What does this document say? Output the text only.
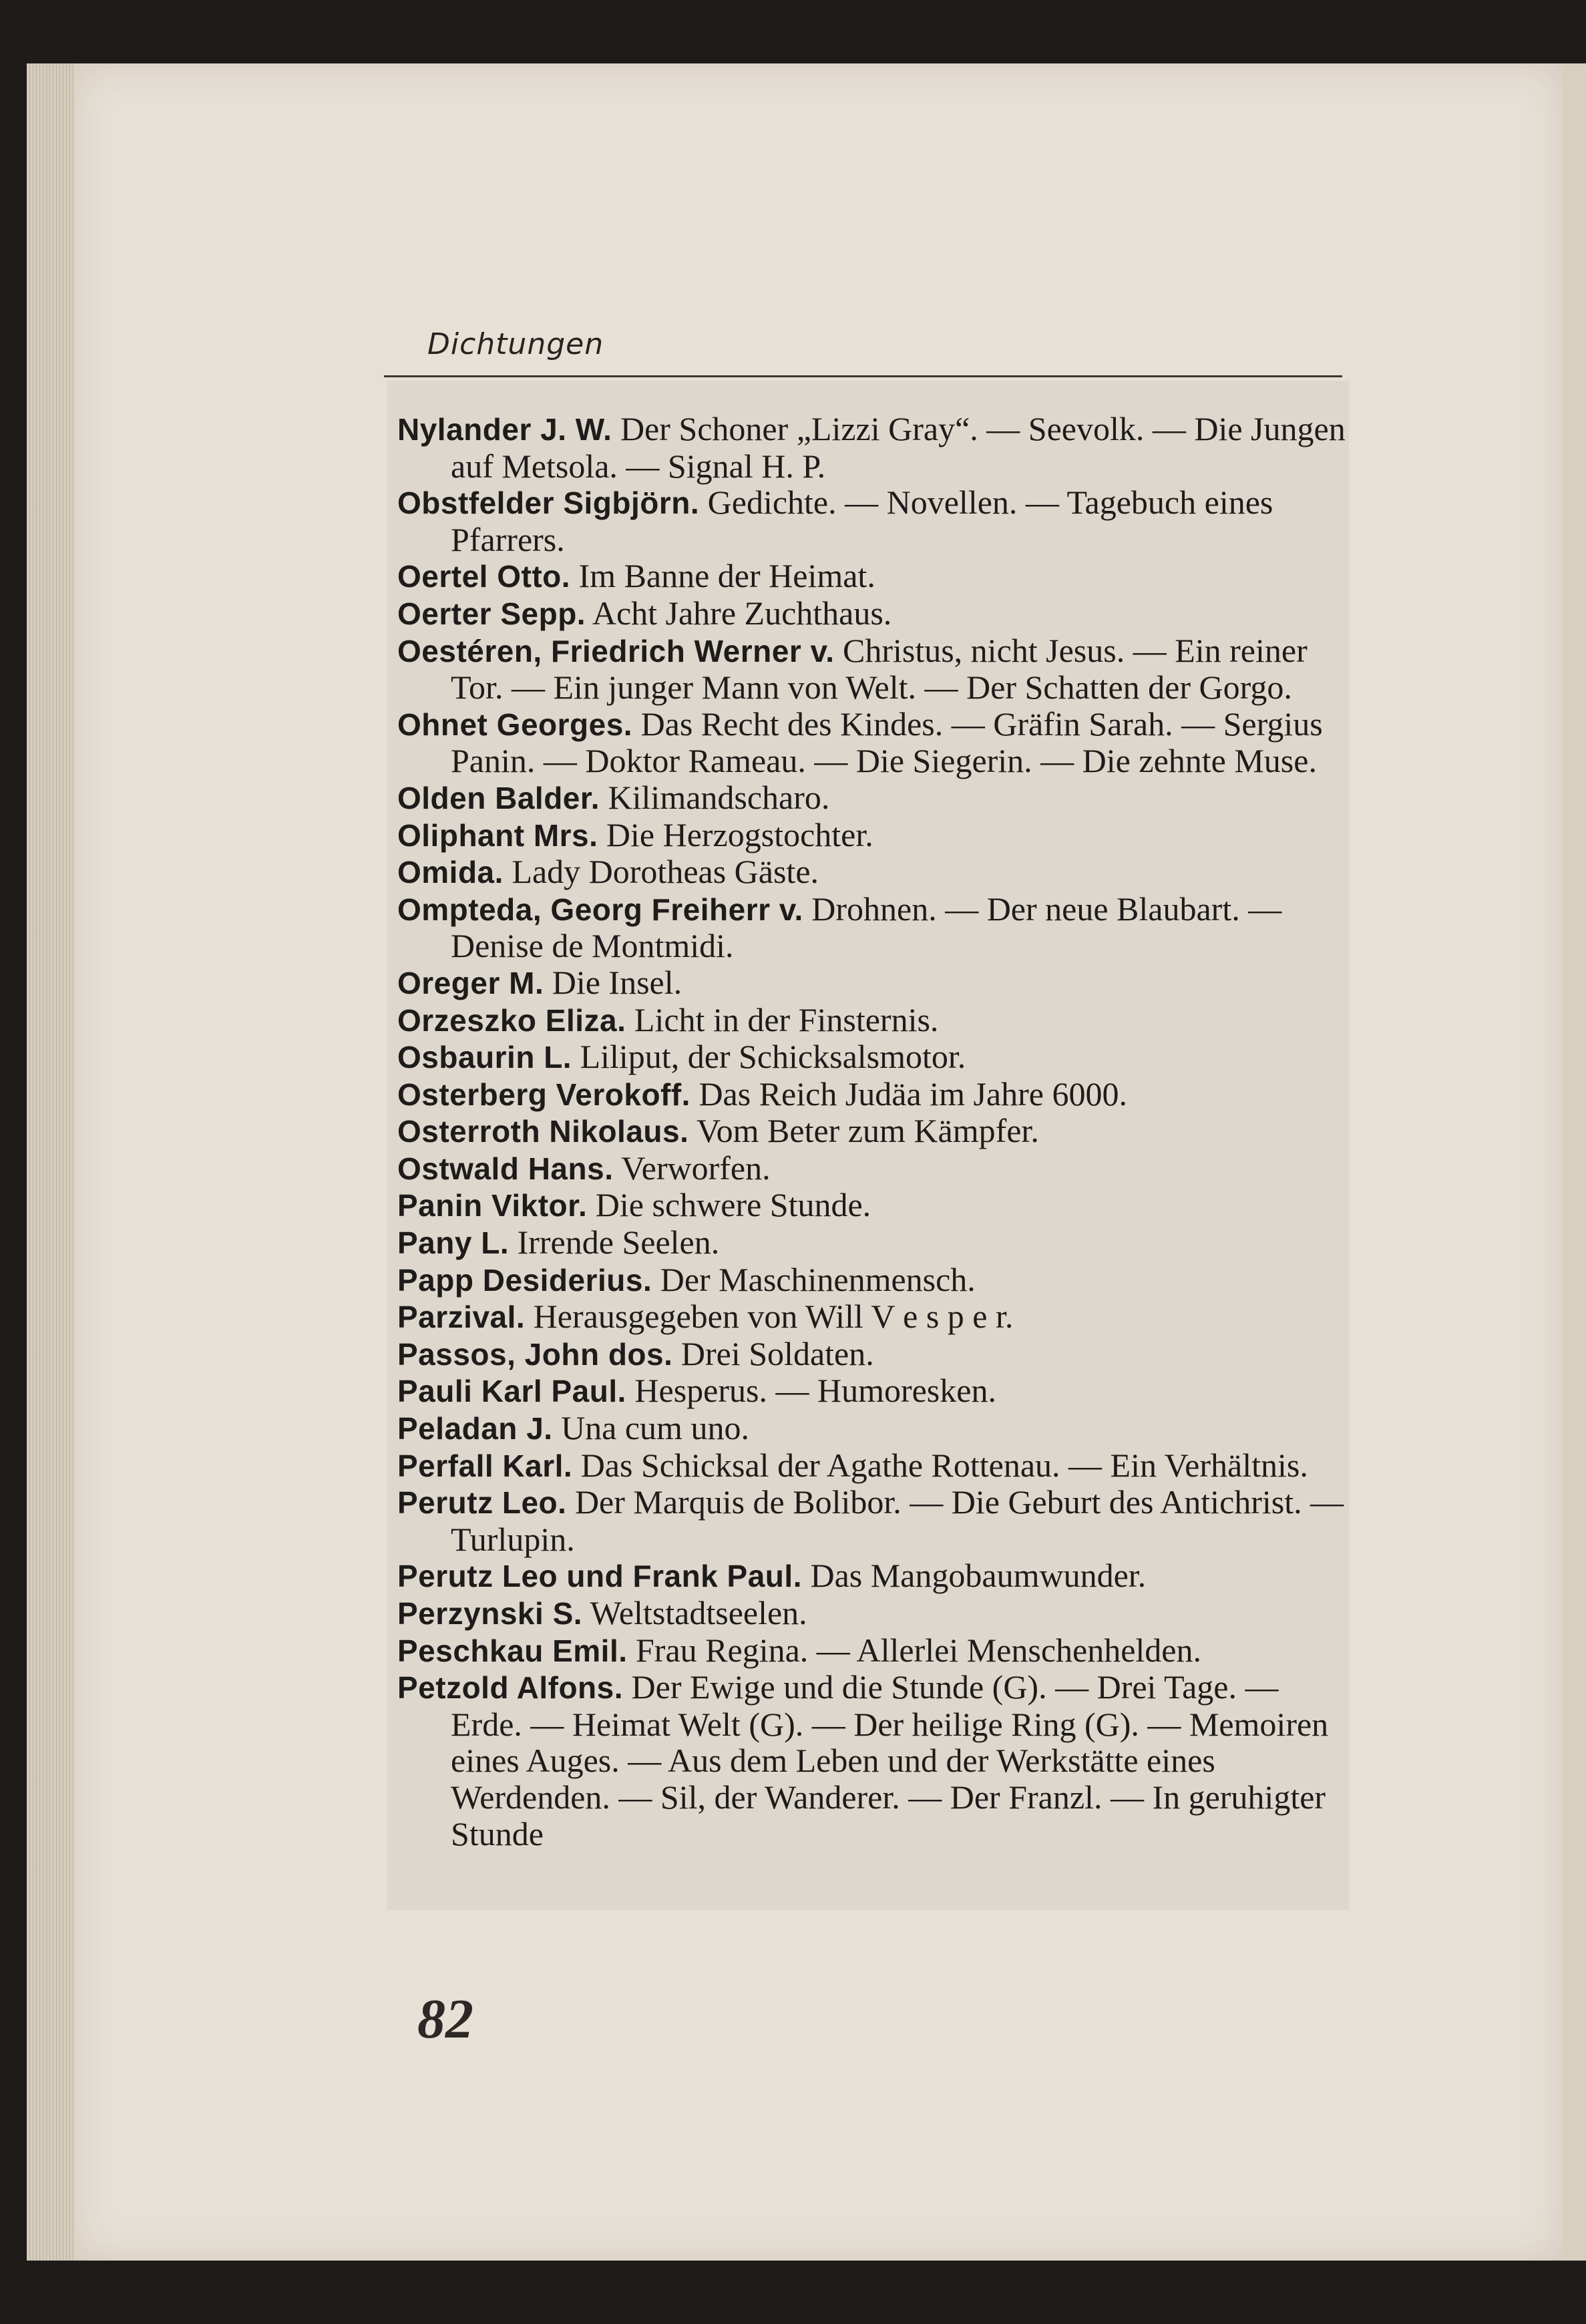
Dichtungen

Nylander J. W. Der Schoner „Lizzi Gray“. — Seevolk. — Die Jungen auf Metsola. — Signal H. P.

Obstfelder Sigbjörn. Gedichte. — Novellen. — Tagebuch eines Pfarrers.

Oertel Otto. Im Banne der Heimat.

Oerter Sepp. Acht Jahre Zuchthaus.

Oestéren, Friedrich Werner v. Christus, nicht Jesus. — Ein reiner Tor. — Ein junger Mann von Welt. — Der Schatten der Gorgo.

Ohnet Georges. Das Recht des Kindes. — Gräfin Sarah. — Sergius Panin. — Doktor Rameau. — Die Siegerin. — Die zehnte Muse.

Olden Balder. Kilimandscharo.

Oliphant Mrs. Die Herzogstochter.

Omida. Lady Dorotheas Gäste.

Ompteda, Georg Freiherr v. Drohnen. — Der neue Blaubart. — Denise de Montmidi.

Oreger M. Die Insel.

Orzeszko Eliza. Licht in der Finsternis.

Osbaurin L. Liliput, der Schicksalsmotor.

Osterberg Verokoff. Das Reich Judäa im Jahre 6000.

Osterroth Nikolaus. Vom Beter zum Kämpfer.

Ostwald Hans. Verworfen.

Panin Viktor. Die schwere Stunde.

Pany L. Irrende Seelen.

Papp Desiderius. Der Maschinenmensch.

Parzival. Herausgegeben von Will V e s p e r.

Passos, John dos. Drei Soldaten.

Pauli Karl Paul. Hesperus. — Humoresken.

Peladan J. Una cum uno.

Perfall Karl. Das Schicksal der Agathe Rottenau. — Ein Verhältnis.

Perutz Leo. Der Marquis de Bolibor. — Die Geburt des Antichrist. — Turlupin.

Perutz Leo und Frank Paul. Das Mangobaumwunder.

Perzynski S. Weltstadtseelen.

Peschkau Emil. Frau Regina. — Allerlei Menschenhelden.

Petzold Alfons. Der Ewige und die Stunde (G). — Drei Tage. — Erde. — Heimat Welt (G). — Der heilige Ring (G). — Memoiren eines Auges. — Aus dem Leben und der Werkstätte eines Werdenden. — Sil, der Wanderer. — Der Franzl. — In geruhigter Stunde

82
